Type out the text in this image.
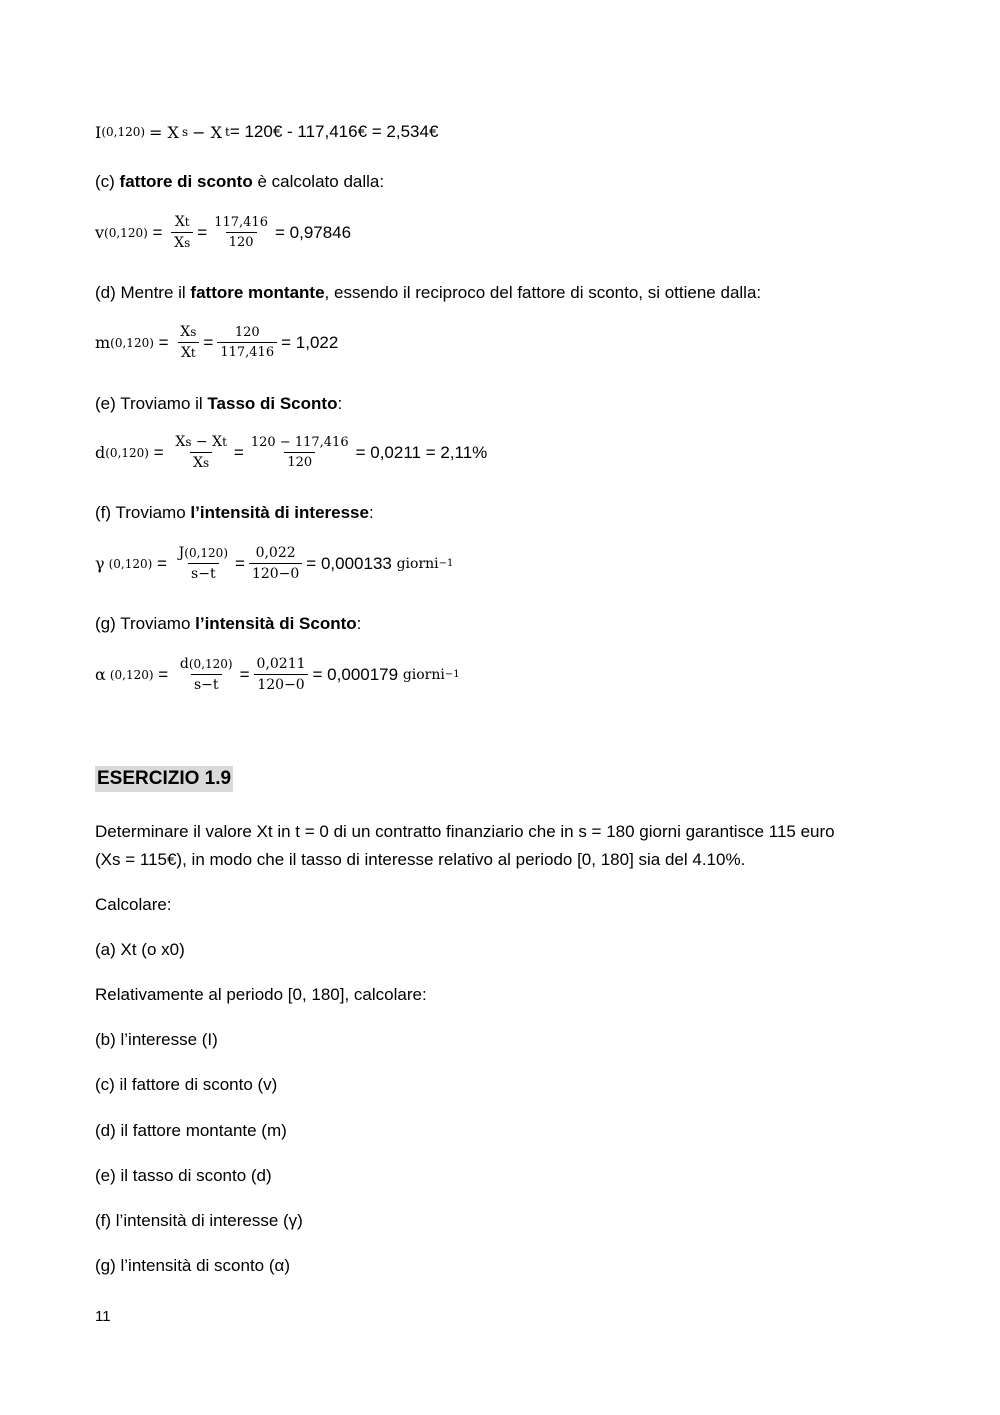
I (0,120) = X s − X t = 120€ - 117,416€ = 2,534€
(c) fattore di sconto è calcolato dalla:
v $(0,120) = \frac{Xt}{Xs} = \frac{117,416}{120} = 0,97846$
(d) Mentre il fattore montante, essendo il reciproco del fattore di sconto, si ottiene dalla:
m $(0,120) = \frac{Xs}{Xt} = \frac{120}{117,416} = 1,022$
(e) Troviamo il Tasso di Sconto:
d $(0,120) = \frac{Xs - Xt}{Xs} = \frac{120 - 117,416}{120} = 0,0211 = 2,11\%$
(f) Troviamo l’intensità di interesse:
γ $(0,120) = \frac{J(0,120)}{s-t} = \frac{0,022}{120-0} = 0,000133$ giorni −1
(g) Troviamo l’intensità di Sconto:
α $(0,120) = \frac{d(0,120)}{s-t} = \frac{0,0211}{120-0} = 0,000179$ giorni −1
ESERCIZIO 1.9
Determinare il valore Xt in t = 0 di un contratto finanziario che in s = 180 giorni garantisce 115 euro
(Xs = 115€), in modo che il tasso di interesse relativo al periodo [0, 180] sia del 4.10%.
Calcolare:
(a) Xt (o x0)
Relativamente al periodo [0, 180], calcolare:
(b) l’interesse (I)
(c) il fattore di sconto (v)
(d) il fattore montante (m)
(e) il tasso di sconto (d)
(f) l’intensità di interesse (γ)
(g) l’intensità di sconto (α)
11
